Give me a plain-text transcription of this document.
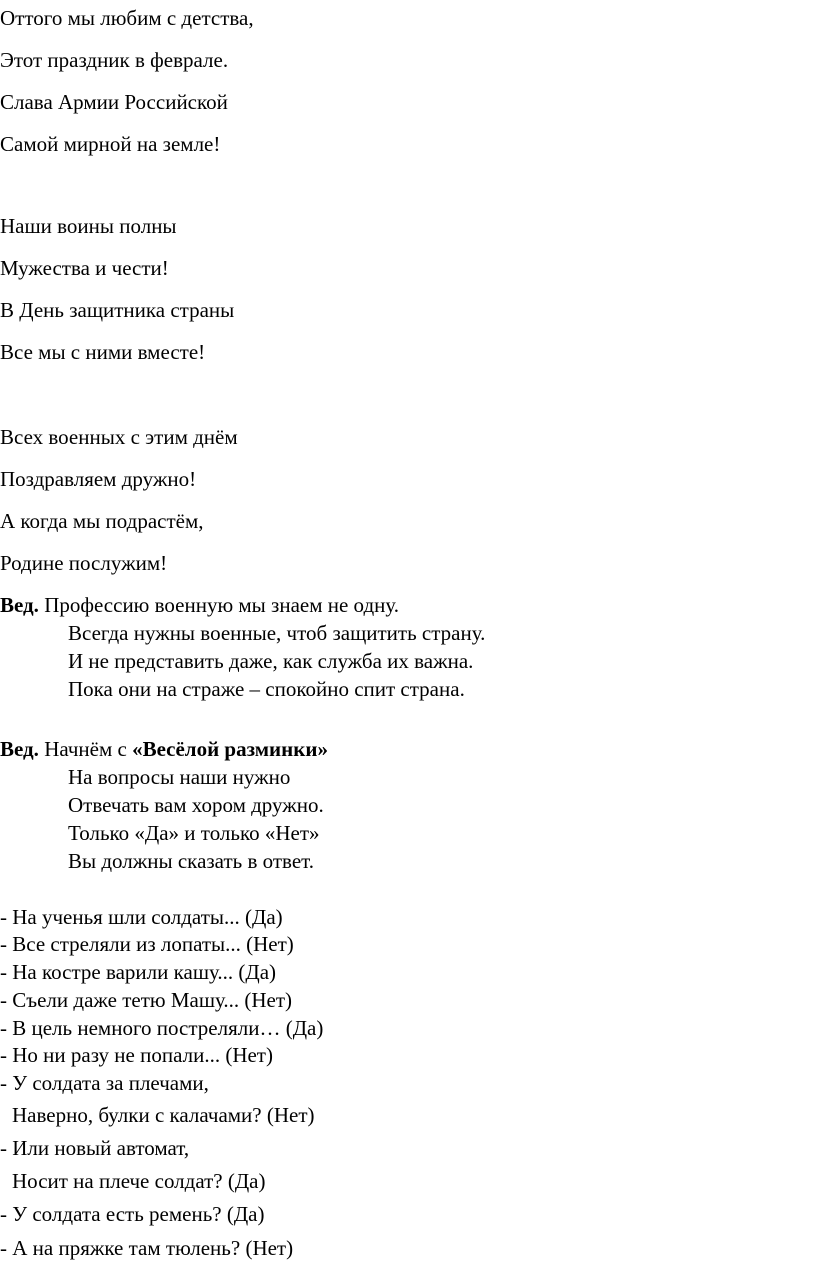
Оттого мы любим с детства,
Этот праздник в феврале.
Слава Армии Российской
Самой мирной на земле!
Наши воины полны
Мужества и чести!
В День защитника страны
Все мы с ними вместе!
Всех военных с этим днём
Поздравляем дружно!
А когда мы подрастём,
Родине послужим!
Вед. Профессию военную мы знаем не одну.
Всегда нужны военные, чтоб защитить страну.
И не представить даже, как служба их важна.
Пока они на страже – спокойно спит страна.
Вед. Начнём с «Весёлой разминки»
На вопросы наши нужно
Отвечать вам хором дружно.
Только «Да» и только «Нет»
Вы должны сказать в ответ.
- На ученья шли солдаты... (Да)
- Все стреляли из лопаты... (Нет)
- На костре варили кашу... (Да)
- Съели даже тетю Машу... (Нет)
- В цель немного постреляли… (Да)
- Но ни разу не попали... (Нет)
- У солдата за плечами,
Наверно, булки с калачами? (Нет)
- Или новый автомат,
Носит на плече солдат? (Да)
- У солдата есть ремень? (Да)
- А на пряжке там тюлень? (Нет)
